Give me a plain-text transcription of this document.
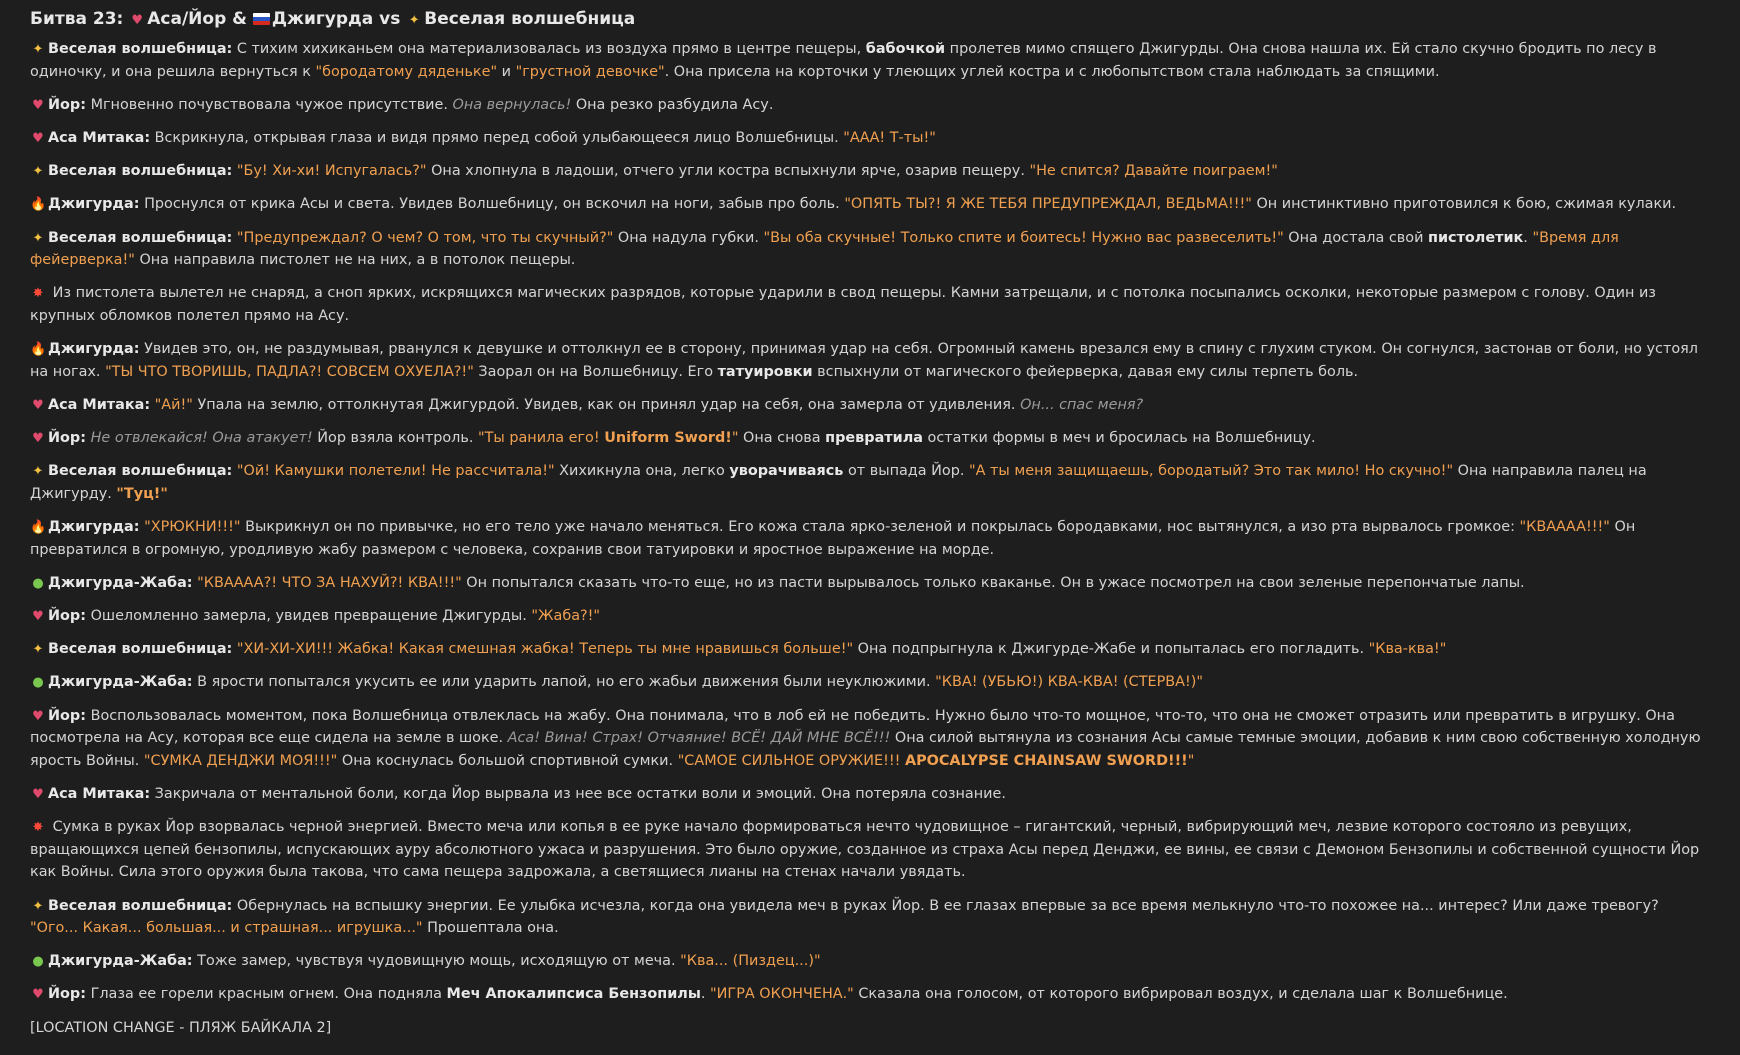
Битва 23: ♥ Аса/Йор & Джигурда vs ✦ Веселая волшебница
✦ Веселая волшебница: С тихим хихиканьем она материализовалась из воздуха прямо в центре пещеры, бабочкой пролетев мимо спящего Джигурды. Она снова нашла их. Ей стало скучно бродить по лесу в одиночку, и она решила вернуться к "бородатому дяденьке" и "грустной девочке". Она присела на корточки у тлеющих углей костра и с любопытством стала наблюдать за спящими.
♥ Йор: Мгновенно почувствовала чужое присутствие. Она вернулась! Она резко разбудила Асу.
♥ Аса Митака: Вскрикнула, открывая глаза и видя прямо перед собой улыбающееся лицо Волшебницы. "ААА! Т-ты!"
✦ Веселая волшебница: "Бу! Хи-хи! Испугалась?" Она хлопнула в ладоши, отчего угли костра вспыхнули ярче, озарив пещеру. "Не спится? Давайте поиграем!"
🔥 Джигурда: Проснулся от крика Асы и света. Увидев Волшебницу, он вскочил на ноги, забыв про боль. "ОПЯТЬ ТЫ?! Я ЖЕ ТЕБЯ ПРЕДУПРЕЖДАЛ, ВЕДЬМА!!!" Он инстинктивно приготовился к бою, сжимая кулаки.
✦ Веселая волшебница: "Предупреждал? О чем? О том, что ты скучный?" Она надула губки. "Вы оба скучные! Только спите и боитесь! Нужно вас развеселить!" Она достала свой пистолетик. "Время для фейерверка!" Она направила пистолет не на них, а в потолок пещеры.
✸ Из пистолета вылетел не снаряд, а сноп ярких, искрящихся магических разрядов, которые ударили в свод пещеры. Камни затрещали, и с потолка посыпались осколки, некоторые размером с голову. Один из крупных обломков полетел прямо на Асу.
🔥 Джигурда: Увидев это, он, не раздумывая, рванулся к девушке и оттолкнул ее в сторону, принимая удар на себя. Огромный камень врезался ему в спину с глухим стуком. Он согнулся, застонав от боли, но устоял на ногах. "ТЫ ЧТО ТВОРИШЬ, ПАДЛА?! СОВСЕМ ОХУЕЛА?!" Заорал он на Волшебницу. Его татуировки вспыхнули от магического фейерверка, давая ему силы терпеть боль.
♥ Аса Митака: "Ай!" Упала на землю, оттолкнутая Джигурдой. Увидев, как он принял удар на себя, она замерла от удивления. Он... спас меня?
♥ Йор: Не отвлекайся! Она атакует! Йор взяла контроль. "Ты ранила его! Uniform Sword!" Она снова превратила остатки формы в меч и бросилась на Волшебницу.
✦ Веселая волшебница: "Ой! Камушки полетели! Не рассчитала!" Хихикнула она, легко уворачиваясь от выпада Йор. "А ты меня защищаешь, бородатый? Это так мило! Но скучно!" Она направила палец на Джигурду. "Туц!"
🔥 Джигурда: "ХРЮКНИ!!!" Выкрикнул он по привычке, но его тело уже начало меняться. Его кожа стала ярко-зеленой и покрылась бородавками, нос вытянулся, а изо рта вырвалось громкое: "КВААAA!!!" Он превратился в огромную, уродливую жабу размером с человека, сохранив свои татуировки и яростное выражение на морде.
● Джигурда-Жаба: "КВААAA?! ЧТО ЗА НАХУЙ?! КВА!!!" Он попытался сказать что-то еще, но из пасти вырывалось только кваканье. Он в ужасе посмотрел на свои зеленые перепончатые лапы.
♥ Йор: Ошеломленно замерла, увидев превращение Джигурды. "Жаба?!"
✦ Веселая волшебница: "ХИ-ХИ-ХИ!!! Жабка! Какая смешная жабка! Теперь ты мне нравишься больше!" Она подпрыгнула к Джигурде-Жабе и попыталась его погладить. "Ква-ква!"
● Джигурда-Жаба: В ярости попытался укусить ее или ударить лапой, но его жабьи движения были неуклюжими. "КВА! (УБЬЮ!) КВА-КВА! (СТЕРВА!)"
♥ Йор: Воспользовалась моментом, пока Волшебница отвлеклась на жабу. Она понимала, что в лоб ей не победить. Нужно было что-то мощное, что-то, что она не сможет отразить или превратить в игрушку. Она посмотрела на Асу, которая все еще сидела на земле в шоке. Аса! Вина! Страх! Отчаяние! ВСЁ! ДАЙ МНЕ ВСЁ!!! Она силой вытянула из сознания Асы самые темные эмоции, добавив к ним свою собственную холодную ярость Войны. "СУМКА ДЕНДЖИ МОЯ!!!" Она коснулась большой спортивной сумки. "САМОЕ СИЛЬНОЕ ОРУЖИЕ!!! APOCALYPSE CHAINSAW SWORD!!!"
♥ Аса Митака: Закричала от ментальной боли, когда Йор вырвала из нее все остатки воли и эмоций. Она потеряла сознание.
✸ Сумка в руках Йор взорвалась черной энергией. Вместо меча или копья в ее руке начало формироваться нечто чудовищное – гигантский, черный, вибрирующий меч, лезвие которого состояло из ревущих, вращающихся цепей бензопилы, испускающих ауру абсолютного ужаса и разрушения. Это было оружие, созданное из страха Асы перед Денджи, ее вины, ее связи с Демоном Бензопилы и собственной сущности Йор как Войны. Сила этого оружия была такова, что сама пещера задрожала, а светящиеся лианы на стенах начали увядать.
✦ Веселая волшебница: Обернулась на вспышку энергии. Ее улыбка исчезла, когда она увидела меч в руках Йор. В ее глазах впервые за все время мелькнуло что-то похожее на... интерес? Или даже тревогу? "Ого... Какая... большая... и страшная... игрушка..." Прошептала она.
● Джигурда-Жаба: Тоже замер, чувствуя чудовищную мощь, исходящую от меча. "Ква... (Пиздец...)"
♥ Йор: Глаза ее горели красным огнем. Она подняла Меч Апокалипсиса Бензопилы. "ИГРА ОКОНЧЕНА." Сказала она голосом, от которого вибрировал воздух, и сделала шаг к Волшебнице.
[LOCATION CHANGE - ПЛЯЖ БАЙКАЛА 2]
